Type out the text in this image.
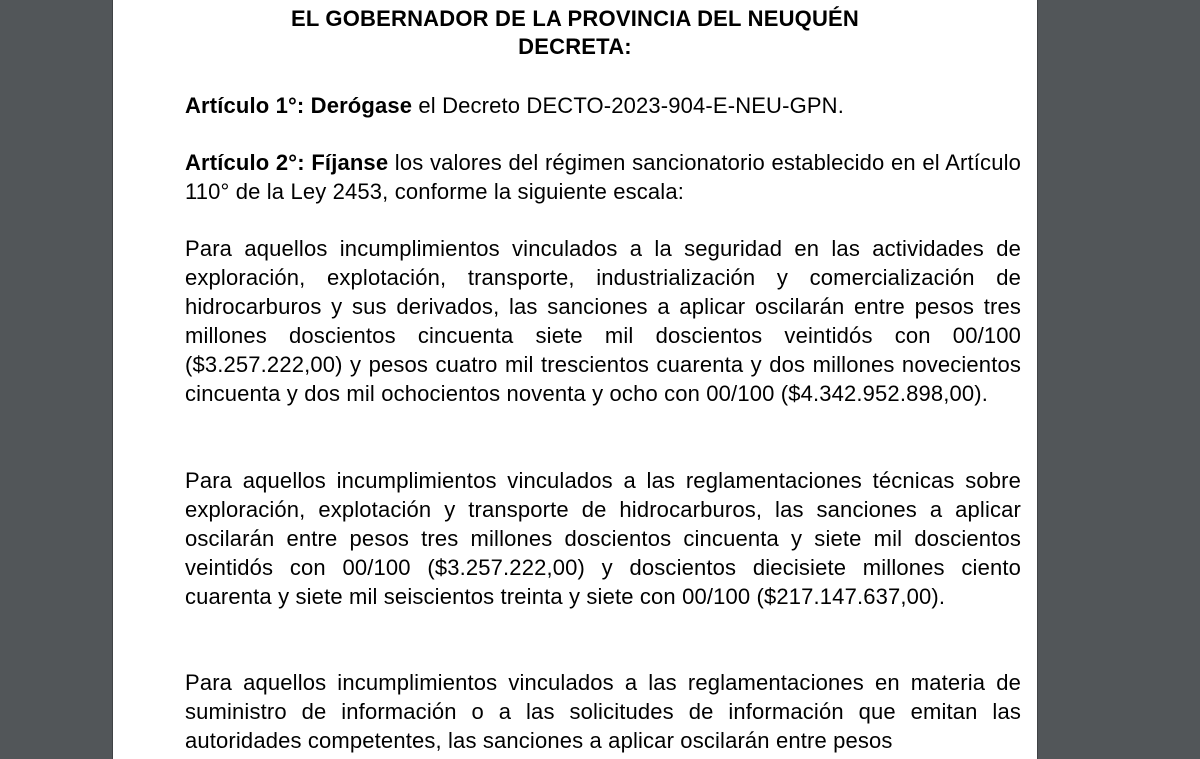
EL GOBERNADOR DE LA PROVINCIA DEL NEUQUÉN
DECRETA:

Artículo 1°: Derógase el Decreto DECTO-2023-904-E-NEU-GPN.

Artículo 2°: Fíjanse los valores del régimen sancionatorio establecido en el Artículo 110° de la Ley 2453, conforme la siguiente escala:

Para aquellos incumplimientos vinculados a la seguridad en las actividades de exploración, explotación, transporte, industrialización y comercialización de hidrocarburos y sus derivados, las sanciones a aplicar oscilarán entre pesos tres millones doscientos cincuenta siete mil doscientos veintidós con 00/100 ($3.257.222,00) y pesos cuatro mil trescientos cuarenta y dos millones novecientos cincuenta y dos mil ochocientos noventa y ocho con 00/100 ($4.342.952.898,00).

Para aquellos incumplimientos vinculados a las reglamentaciones técnicas sobre exploración, explotación y transporte de hidrocarburos, las sanciones a aplicar oscilarán entre pesos tres millones doscientos cincuenta y siete mil doscientos veintidós con 00/100 ($3.257.222,00) y doscientos diecisiete millones ciento cuarenta y siete mil seiscientos treinta y siete con 00/100 ($217.147.637,00).

Para aquellos incumplimientos vinculados a las reglamentaciones en materia de suministro de información o a las solicitudes de información que emitan las autoridades competentes, las sanciones a aplicar oscilarán entre pesos
